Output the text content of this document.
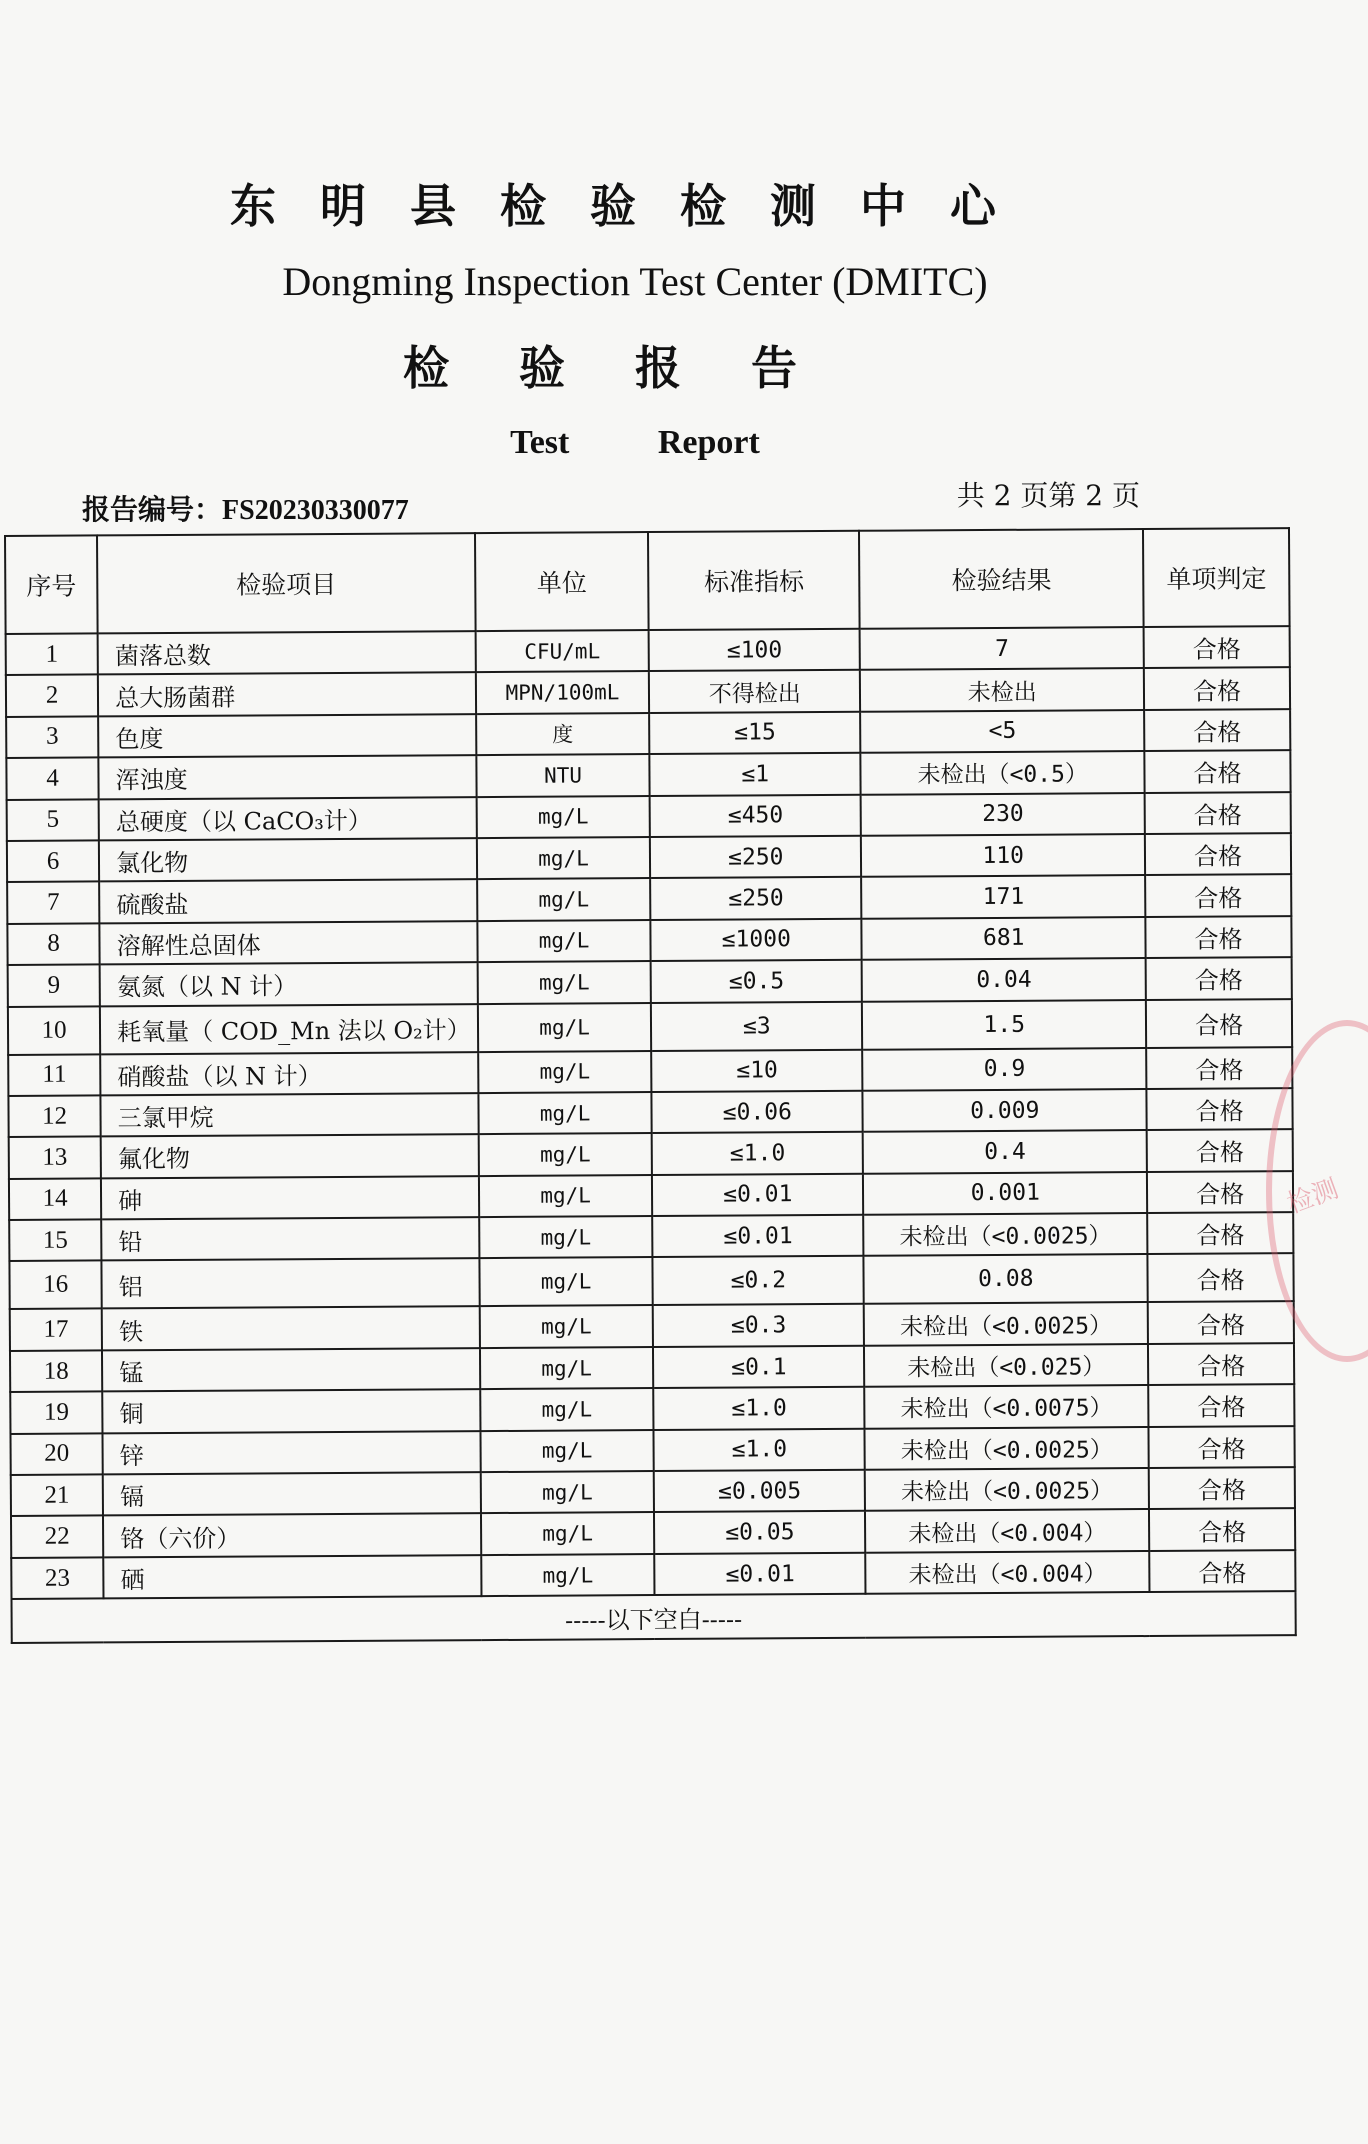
东明县检验检测中心
Dongming Inspection Test Center (DMITC)
检验报告
Test Report
报告编号：FS20230330077	共 2 页第 2 页
序号	检验项目	单位	标准指标	检验结果	单项判定
1	菌落总数	CFU/mL	≤100	7	合格
2	总大肠菌群	MPN/100mL	不得检出	未检出	合格
3	色度	度	≤15	<5	合格
4	浑浊度	NTU	≤1	未检出（<0.5）	合格
5	总硬度（以 CaCO₃计）	mg/L	≤450	230	合格
6	氯化物	mg/L	≤250	110	合格
7	硫酸盐	mg/L	≤250	171	合格
8	溶解性总固体	mg/L	≤1000	681	合格
9	氨氮（以 N 计）	mg/L	≤0.5	0.04	合格
10	耗氧量（ COD_Mn 法以 O₂计）	mg/L	≤3	1.5	合格
11	硝酸盐（以 N 计）	mg/L	≤10	0.9	合格
12	三氯甲烷	mg/L	≤0.06	0.009	合格
13	氟化物	mg/L	≤1.0	0.4	合格
14	砷	mg/L	≤0.01	0.001	合格
15	铅	mg/L	≤0.01	未检出（<0.0025）	合格
16	铝	mg/L	≤0.2	0.08	合格
17	铁	mg/L	≤0.3	未检出（<0.0025）	合格
18	锰	mg/L	≤0.1	未检出（<0.025）	合格
19	铜	mg/L	≤1.0	未检出（<0.0075）	合格
20	锌	mg/L	≤1.0	未检出（<0.0025）	合格
21	镉	mg/L	≤0.005	未检出（<0.0025）	合格
22	铬（六价）	mg/L	≤0.05	未检出（<0.004）	合格
23	硒	mg/L	≤0.01	未检出（<0.004）	合格
-----以下空白-----					
检测
